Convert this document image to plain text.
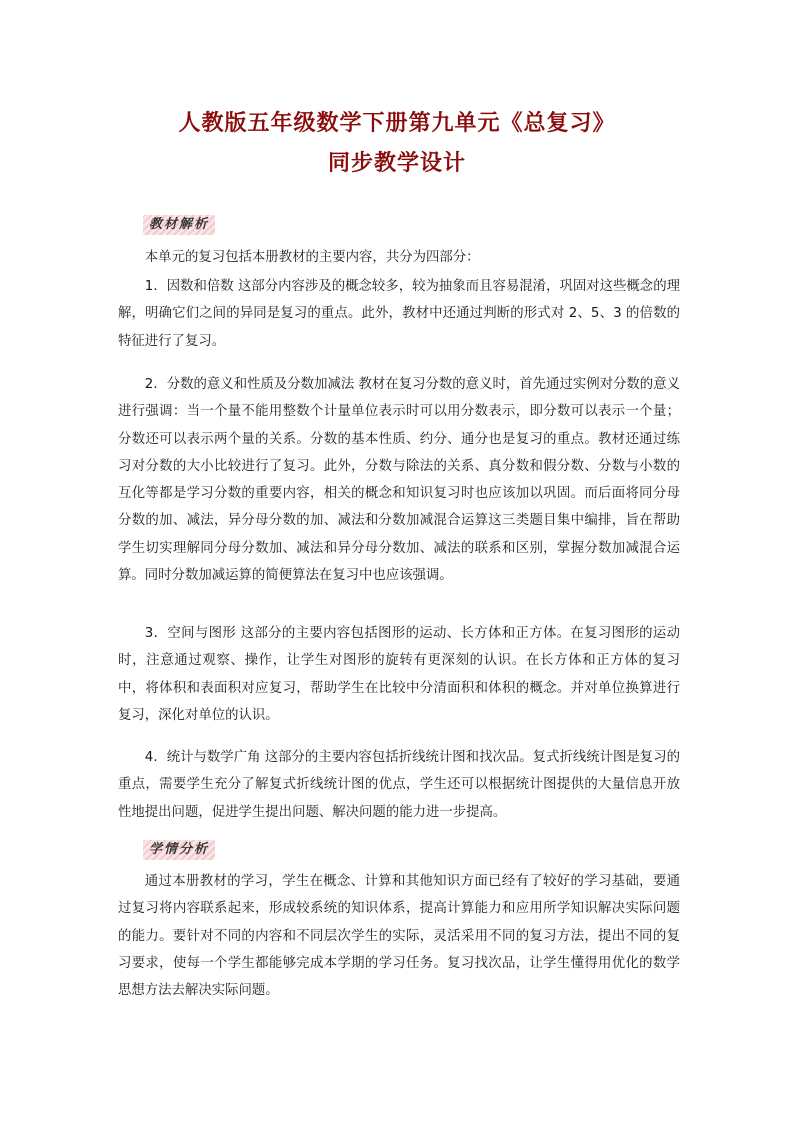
人教版五年级数学下册第九单元《总复习》
同步教学设计
教材解析

本单元的复习包括本册教材的主要内容，共分为四部分：

1．因数和倍数 这部分内容涉及的概念较多，较为抽象而且容易混淆，巩固对这些概念的理解，明确它们之间的异同是复习的重点。此外，教材中还通过判断的形式对 2、5、3 的倍数的特征进行了复习。

2．分数的意义和性质及分数加减法 教材在复习分数的意义时，首先通过实例对分数的意义进行强调：当一个量不能用整数个计量单位表示时可以用分数表示，即分数可以表示一个量；分数还可以表示两个量的关系。分数的基本性质、约分、通分也是复习的重点。教材还通过练习对分数的大小比较进行了复习。此外，分数与除法的关系、真分数和假分数、分数与小数的互化等都是学习分数的重要内容，相关的概念和知识复习时也应该加以巩固。而后面将同分母分数的加、减法，异分母分数的加、减法和分数加减混合运算这三类题目集中编排，旨在帮助学生切实理解同分母分数加、减法和异分母分数加、减法的联系和区别，掌握分数加减混合运算。同时分数加减运算的简便算法在复习中也应该强调。

3．空间与图形 这部分的主要内容包括图形的运动、长方体和正方体。在复习图形的运动时，注意通过观察、操作，让学生对图形的旋转有更深刻的认识。在长方体和正方体的复习中，将体积和表面积对应复习，帮助学生在比较中分清面积和体积的概念。并对单位换算进行复习，深化对单位的认识。

4．统计与数学广角 这部分的主要内容包括折线统计图和找次品。复式折线统计图是复习的重点，需要学生充分了解复式折线统计图的优点，学生还可以根据统计图提供的大量信息开放性地提出问题，促进学生提出问题、解决问题的能力进一步提高。

学情分析

通过本册教材的学习，学生在概念、计算和其他知识方面已经有了较好的学习基础，要通过复习将内容联系起来，形成较系统的知识体系，提高计算能力和应用所学知识解决实际问题的能力。要针对不同的内容和不同层次学生的实际，灵活采用不同的复习方法，提出不同的复习要求，使每一个学生都能够完成本学期的学习任务。复习找次品，让学生懂得用优化的数学思想方法去解决实际问题。
